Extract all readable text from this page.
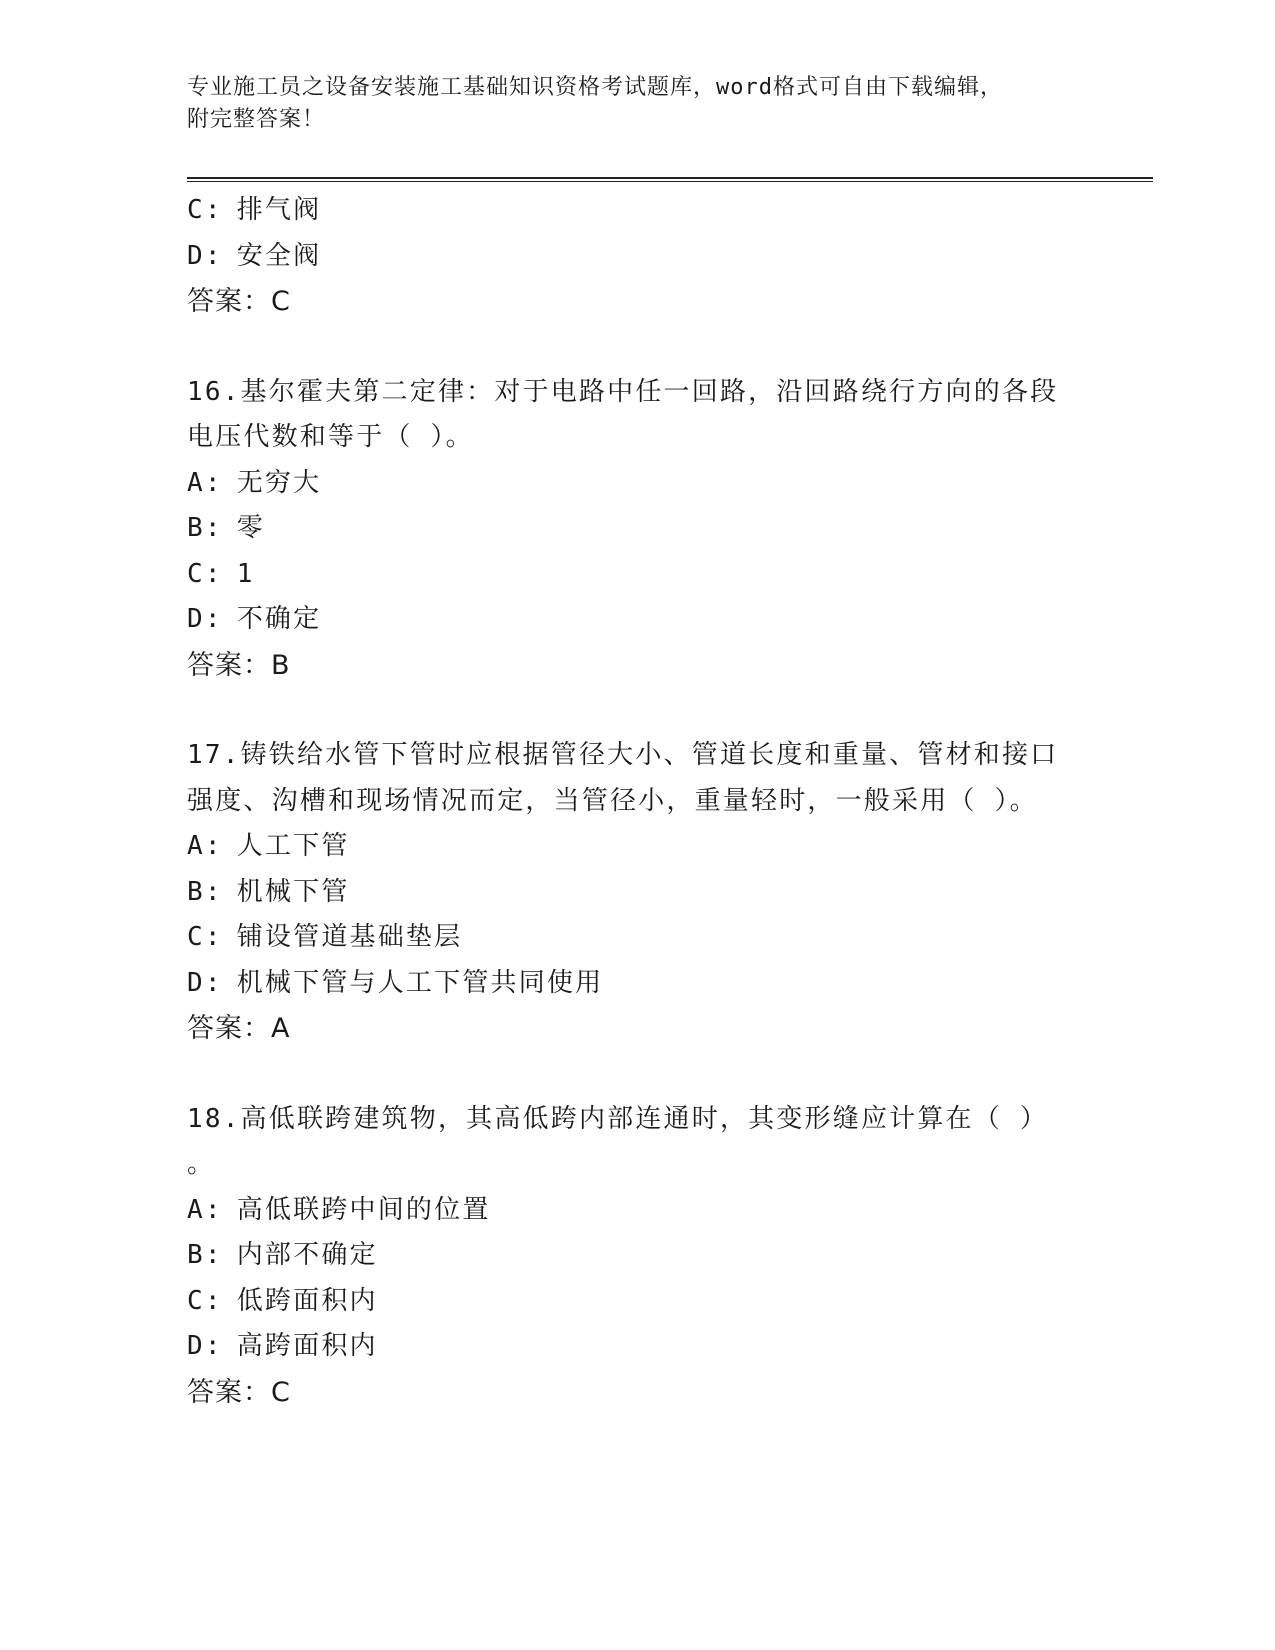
专业施工员之设备安装施工基础知识资格考试题库，word格式可自由下载编辑，
附完整答案！
C: 排气阀
D: 安全阀
答案：C
16.基尔霍夫第二定律：对于电路中任一回路，沿回路绕行方向的各段
电压代数和等于（ ）。
A: 无穷大
B: 零
C: 1
D: 不确定
答案：B
17.铸铁给水管下管时应根据管径大小、管道长度和重量、管材和接口
强度、沟槽和现场情况而定，当管径小，重量轻时，一般采用（ ）。
A: 人工下管
B: 机械下管
C: 铺设管道基础垫层
D: 机械下管与人工下管共同使用
答案：A
18.高低联跨建筑物，其高低跨内部连通时，其变形缝应计算在（ ）
。
A: 高低联跨中间的位置
B: 内部不确定
C: 低跨面积内
D: 高跨面积内
答案：C
